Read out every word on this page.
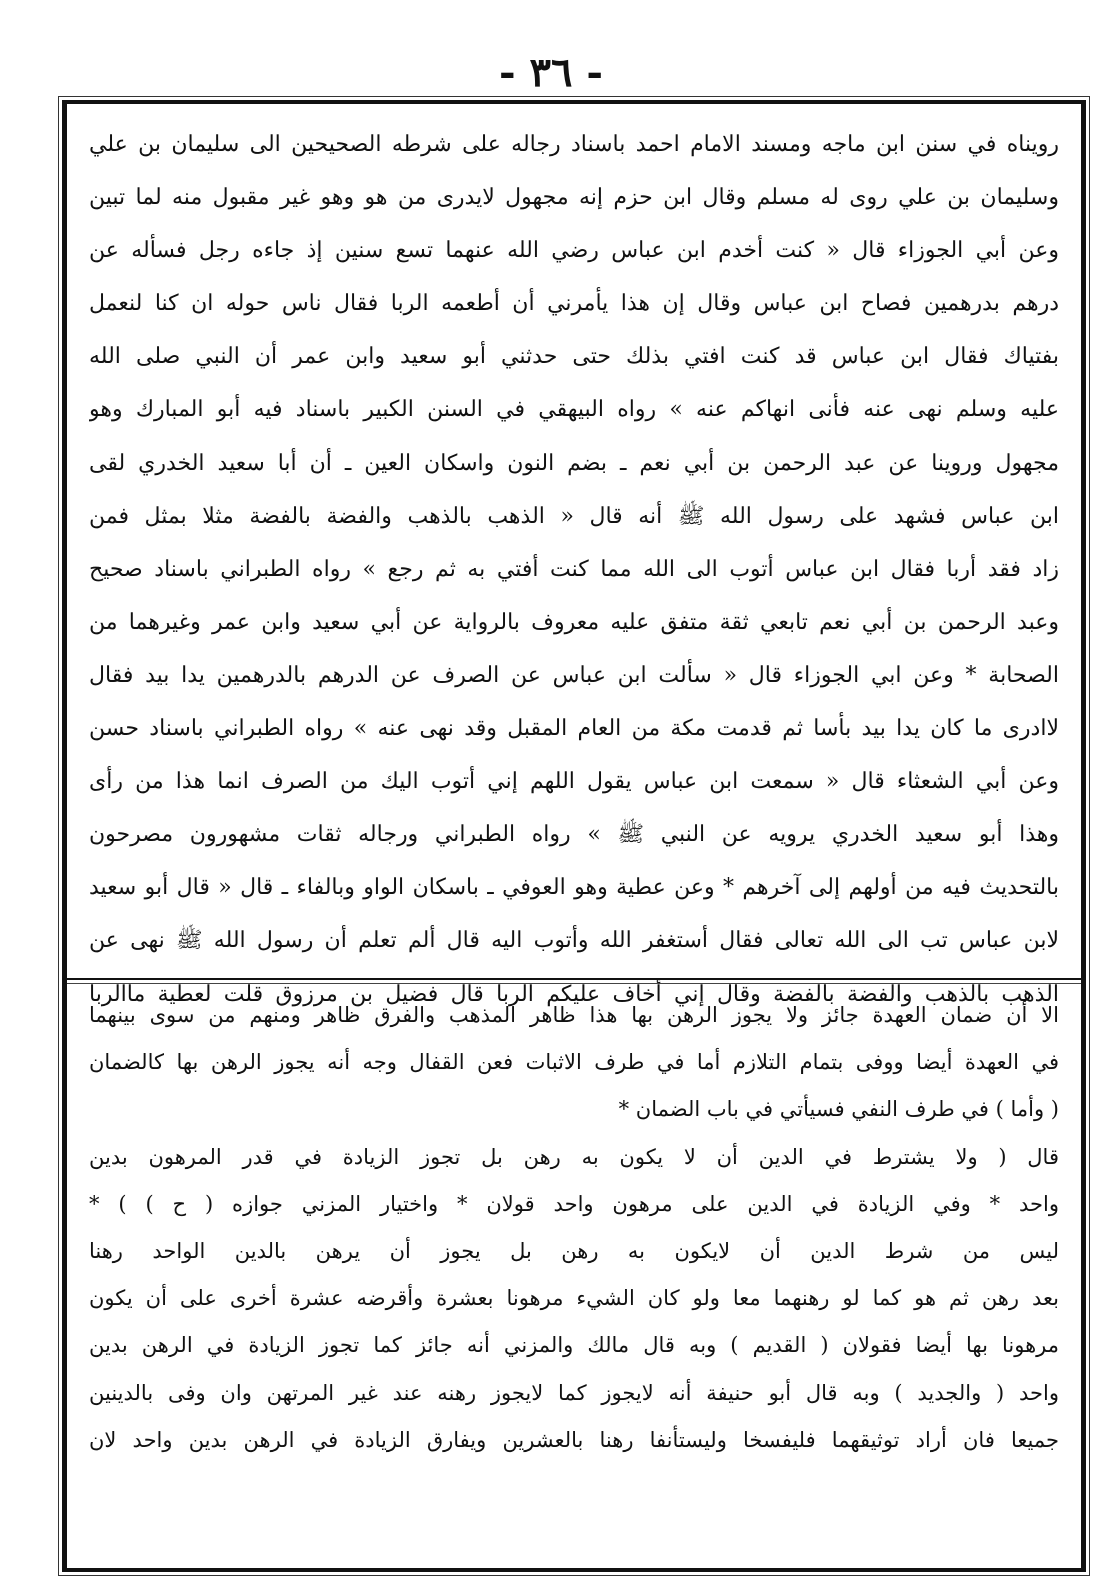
- ٣٦ -
رويناه في سنن ابن ماجه ومسند الامام احمد باسناد رجاله على شرطه الصحيحين الى سليمان بن علي
وسليمان بن علي روى له مسلم وقال ابن حزم إنه مجهول لايدرى من هو وهو غير مقبول منه لما تبين
وعن أبي الجوزاء قال « كنت أخدم ابن عباس رضي الله عنهما تسع سنين إذ جاءه رجل فسأله عن
درهم بدرهمين فصاح ابن عباس وقال إن هذا يأمرني أن أطعمه الربا فقال ناس حوله ان كنا لنعمل
بفتياك فقال ابن عباس قد كنت افتي بذلك حتى حدثني أبو سعيد وابن عمر أن النبي صلى الله
عليه وسلم نهى عنه فأنى انهاكم عنه » رواه البيهقي في السنن الكبير باسناد فيه أبو المبارك وهو
مجهول وروينا عن عبد الرحمن بن أبي نعم ـ بضم النون واسكان العين ـ أن أبا سعيد الخدري لقى
ابن عباس فشهد على رسول الله ﷺ أنه قال « الذهب بالذهب والفضة بالفضة مثلا بمثل فمن
زاد فقد أربا فقال ابن عباس أتوب الى الله مما كنت أفتي به ثم رجع » رواه الطبراني باسناد صحيح
وعبد الرحمن بن أبي نعم تابعي ثقة متفق عليه معروف بالرواية عن أبي سعيد وابن عمر وغيرهما من
الصحابة * وعن ابي الجوزاء قال « سألت ابن عباس عن الصرف عن الدرهم بالدرهمين يدا بيد فقال
لاادرى ما كان يدا بيد بأسا ثم قدمت مكة من العام المقبل وقد نهى عنه » رواه الطبراني باسناد حسن
وعن أبي الشعثاء قال « سمعت ابن عباس يقول اللهم إني أتوب اليك من الصرف انما هذا من رأى
وهذا أبو سعيد الخدري يرويه عن النبي ﷺ » رواه الطبراني ورجاله ثقات مشهورون مصرحون
بالتحديث فيه من أولهم إلى آخرهم * وعن عطية وهو العوفي ـ باسكان الواو وبالفاء ـ قال « قال أبو سعيد
لابن عباس تب الى الله تعالى فقال أستغفر الله وأتوب اليه قال ألم تعلم أن رسول الله ﷺ نهى عن
الذهب بالذهب والفضة بالفضة وقال إني أخاف عليكم الربا قال فضيل بن مرزوق قلت لعطية ماالربا
الا أن ضمان العهدة جائز ولا يجوز الرهن بها هذا ظاهر المذهب والفرق ظاهر ومنهم من سوى بينهما
في العهدة أيضا ووفى بتمام التلازم أما في طرف الاثبات فعن القفال وجه أنه يجوز الرهن بها كالضمان
( وأما ) في طرف النفي فسيأتي في باب الضمان *
قال ( ولا يشترط في الدين أن لا يكون به رهن بل تجوز الزيادة في قدر المرهون بدين
واحد * وفي الزيادة في الدين على مرهون واحد قولان * واختيار المزني جوازه ( ح ) ) *
ليس من شرط الدين أن لايكون به رهن بل يجوز أن يرهن بالدين الواحد رهنا
بعد رهن ثم هو كما لو رهنهما معا ولو كان الشيء مرهونا بعشرة وأقرضه عشرة أخرى على أن يكون
مرهونا بها أيضا فقولان ( القديم ) وبه قال مالك والمزني أنه جائز كما تجوز الزيادة في الرهن بدين
واحد ( والجديد ) وبه قال أبو حنيفة أنه لايجوز كما لايجوز رهنه عند غير المرتهن وان وفى بالدينين
جميعا فان أراد توثيقهما فليفسخا وليستأنفا رهنا بالعشرين ويفارق الزيادة في الرهن بدين واحد لان
